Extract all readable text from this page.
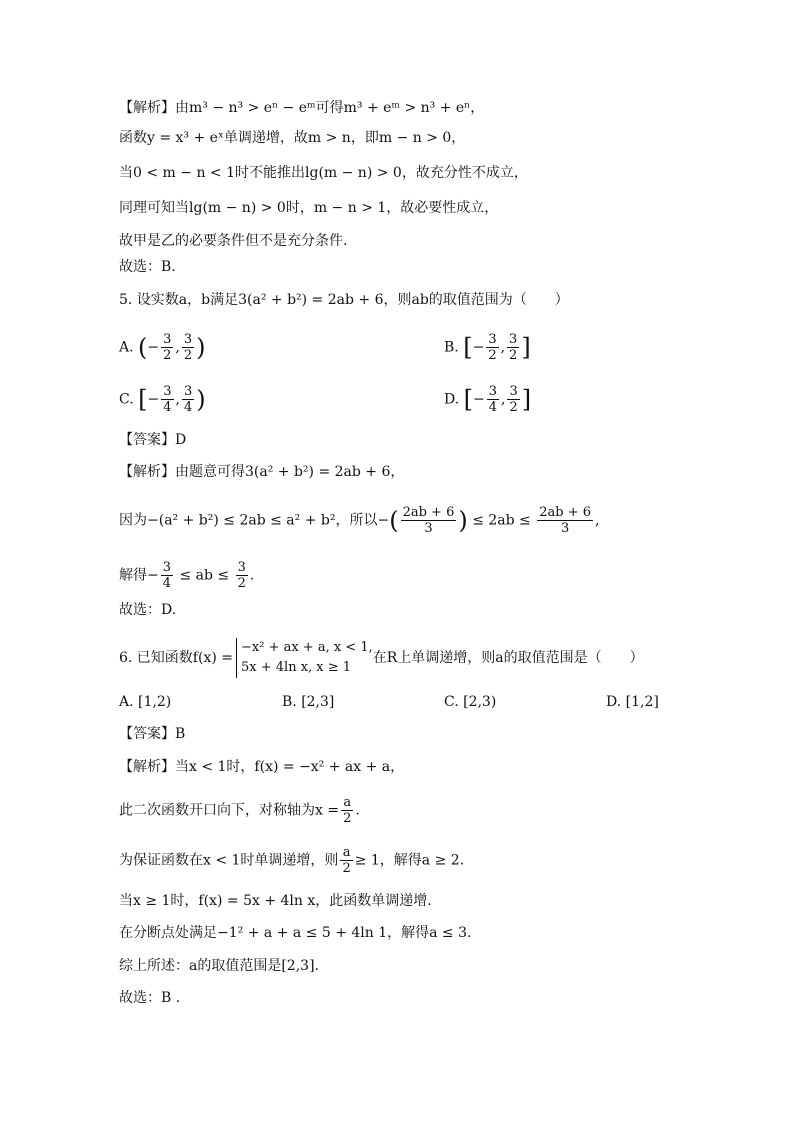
【解析】由m³ − n³ > eⁿ − eᵐ可得m³ + eᵐ > n³ + eⁿ，
函数y = x³ + eˣ单调递增，故m > n，即m − n > 0，
当0 < m − n < 1时不能推出lg(m − n) > 0，故充分性不成立，
同理可知当lg(m − n) > 0时，m − n > 1，故必要性成立，
故甲是乙的必要条件但不是充分条件.
故选：B.
5. 设实数a，b满足3(a² + b²) = 2ab + 6，则ab的取值范围为（　　）
A. (− $\frac{3}{2}$ , $\frac{3}{2}$ )	B. [− $\frac{3}{2}$ , $\frac{3}{2}$ ]
C. [− $\frac{3}{4}$ , $\frac{3}{4}$ )	D. [− $\frac{3}{4}$ , $\frac{3}{2}$ ]
【答案】D
【解析】由题意可得3(a² + b²) = 2ab + 6，
因为−(a² + b²) ≤ 2ab ≤ a² + b²，所以−( $\frac{2ab + 6}{3}$ ) ≤ $2ab \le \frac{2ab + 6}{3}$ ,
解得− $\frac{3}{4}$ ≤ ab ≤ $\frac{3}{2}$ .
故选：D.
6. 已知函数f(x) =
−x² + ax + a, x < 1,
5x + 4ln x, x ≥ 1
在R上单调递增，则a的取值范围是（　　）
A. [1,2)	B. [2,3]	C. [2,3)	D. [1,2]
【答案】B
【解析】当x < 1时，f(x) = −x² + ax + a，
此二次函数开口向下，对称轴为$x = \frac{a}{2}$ .
为保证函数在x < 1时单调递增，则 $\frac{a}{2} \ge 1$，解得a ≥ 2.
当x ≥ 1时，f(x) = 5x + 4ln x，此函数单调递增.
在分断点处满足−1² + a + a ≤ 5 + 4ln 1，解得a ≤ 3.
综上所述：a的取值范围是[2,3].
故选：B .
